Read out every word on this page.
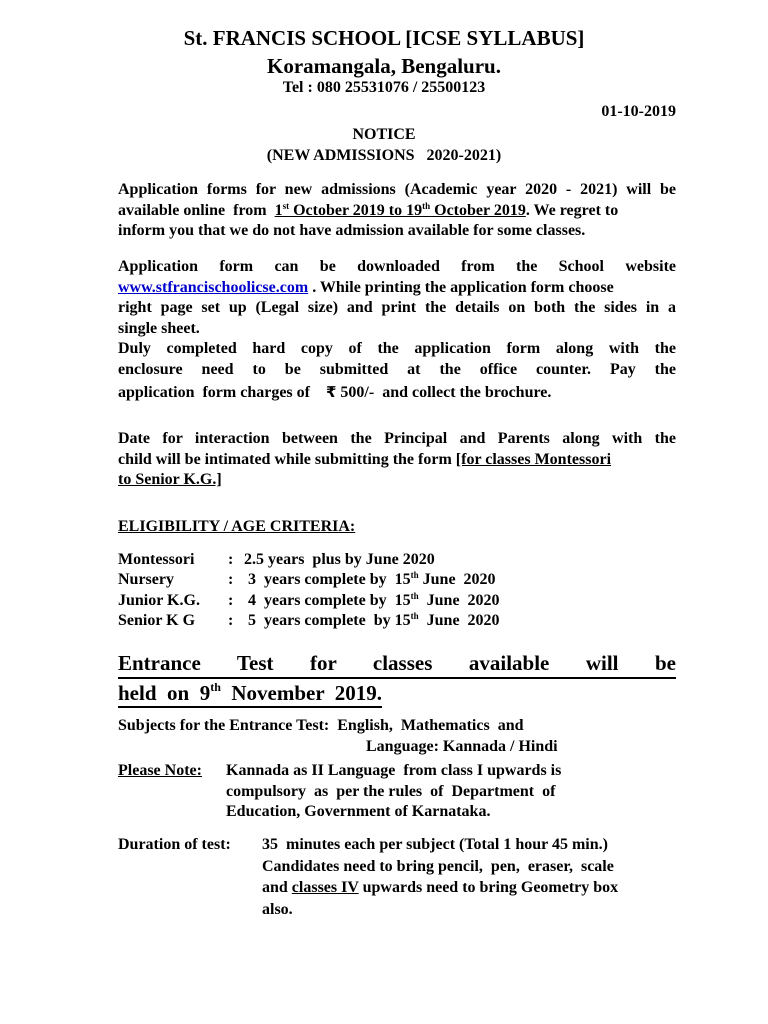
St. FRANCIS SCHOOL [ICSE SYLLABUS]
Koramangala, Bengaluru.
Tel : 080 25531076 / 25500123
01-10-2019
NOTICE
(NEW ADMISSIONS   2020-2021)
Application forms for new admissions (Academic year 2020 - 2021) will be
available online  from  1st October 2019 to 19th October 2019. We regret to
inform you that we do not have admission available for some classes.
Application form can be downloaded from the School website
www.stfrancischoolicse.com . While printing the application form choose
right page set up (Legal size) and print the details on both the sides in a
single sheet.
Duly completed hard copy of the application form along with the
enclosure need to be submitted at the office counter. Pay the
application  form charges of    ₹ 500/-  and collect the brochure.
Date for interaction between the Principal and Parents along with the
child will be intimated while submitting the form [for classes Montessori
to Senior K.G.]
ELIGIBILITY / AGE CRITERIA:
Montessori	: 2.5 years  plus by June 2020
Nursery	: 3  years complete by  15th June  2020
Junior K.G.	: 4  years complete by  15th  June  2020
Senior K G	: 5  years complete  by 15th  June  2020
Entrance Test for classes available will be
held  on  9th  November  2019.
Subjects for the Entrance Test:  English,  Mathematics  and
Language: Kannada / Hindi
Please Note: Kannada as II Language  from class I upwards is
compulsory  as  per the rules  of  Department  of
Education, Government of Karnataka.
Duration of test: 35  minutes each per subject (Total 1 hour 45 min.)
Candidates need to bring pencil,  pen,  eraser,  scale
and classes IV upwards need to bring Geometry box
also.
